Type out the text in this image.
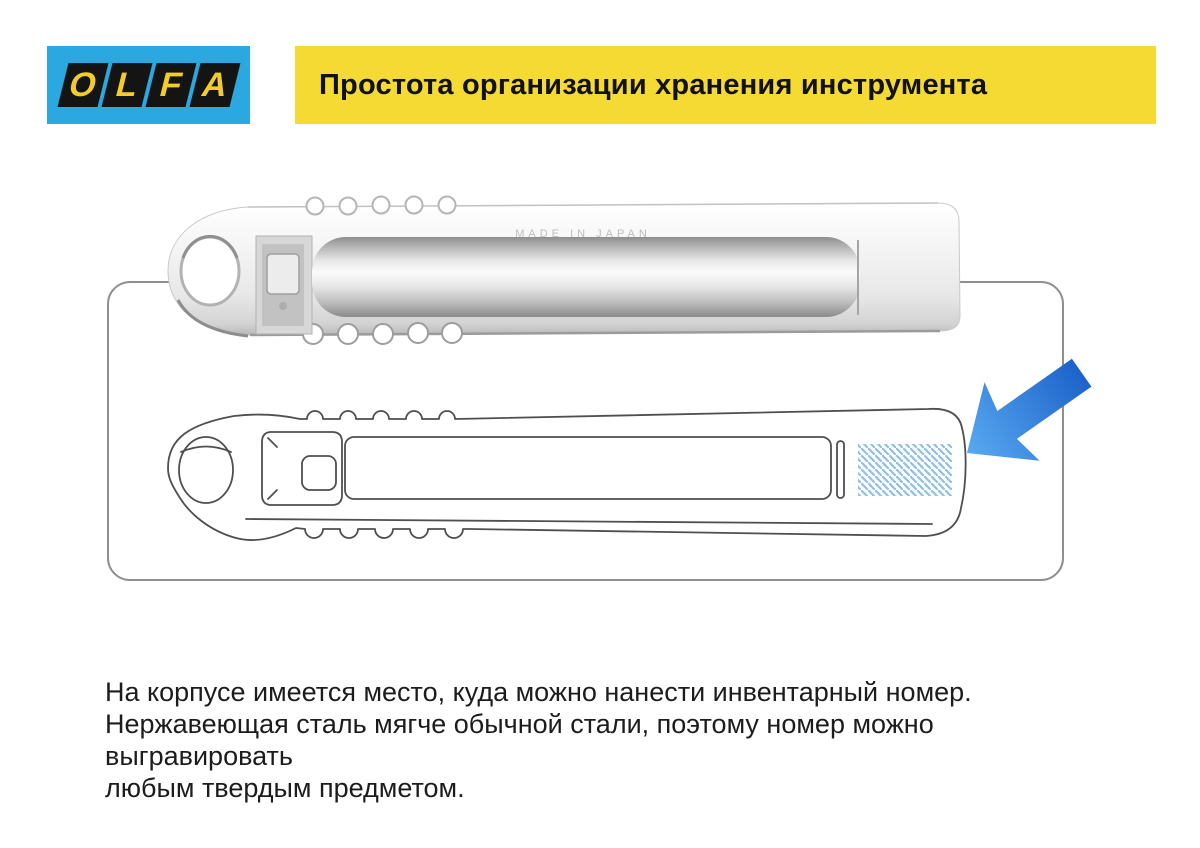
O L F A	Простота организации хранения инструмента
MADE IN JAPAN
На корпусе имеется место, куда можно нанести инвентарный номер.
Нержавеющая сталь мягче обычной стали, поэтому номер можно выгравировать
любым твердым предметом.
